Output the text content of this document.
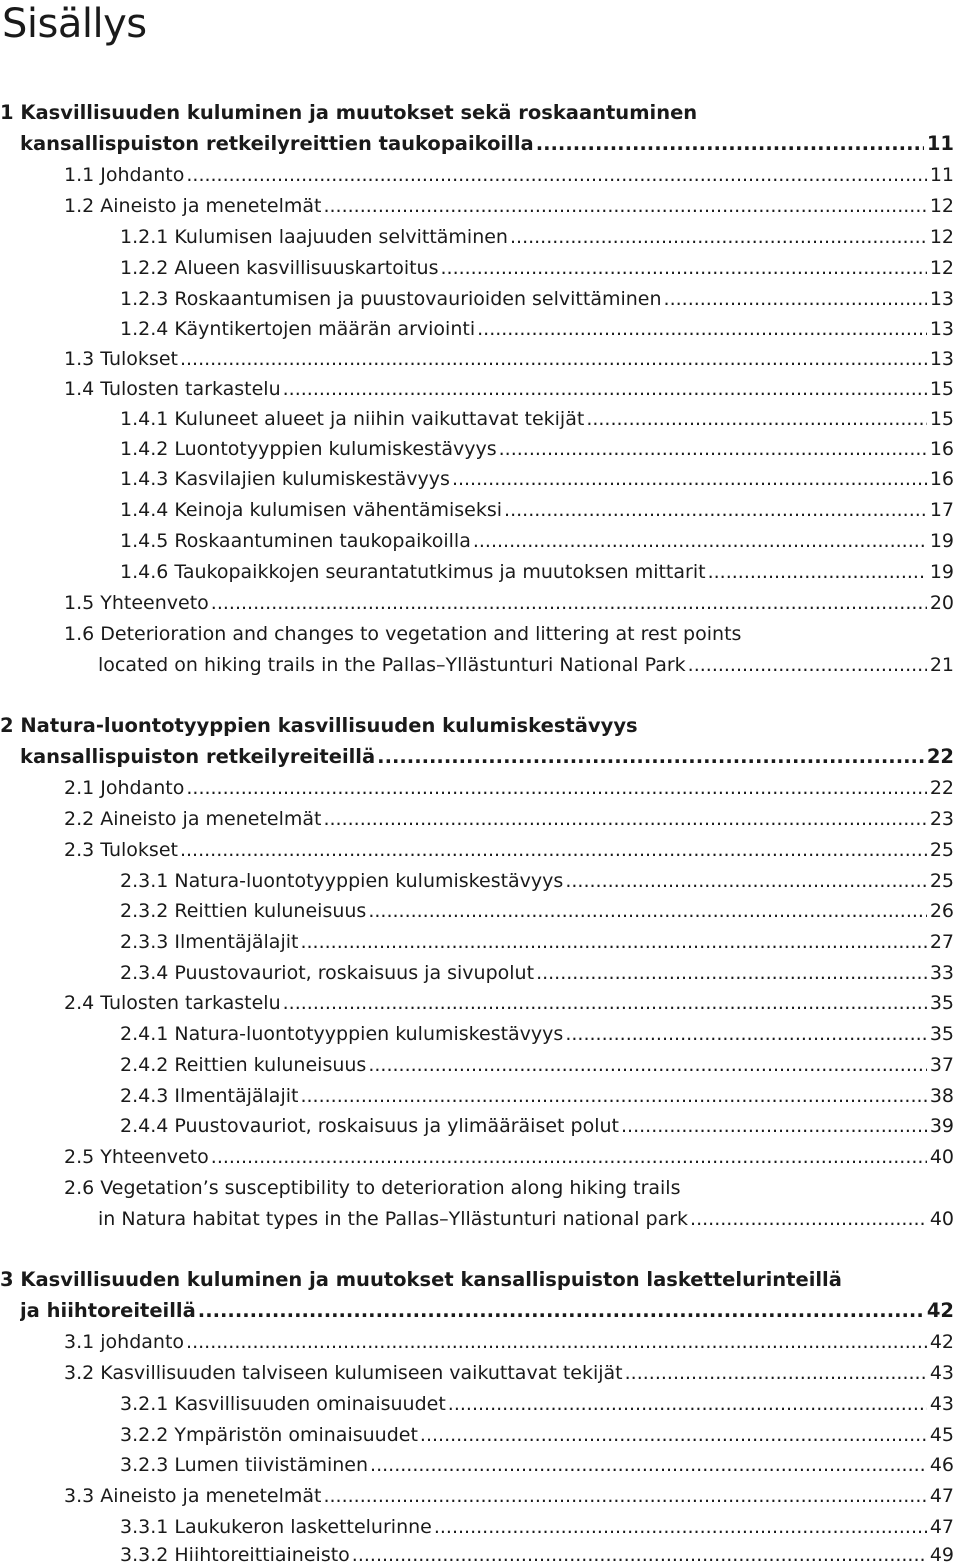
Sisällys
1 Kasvillisuuden kuluminen ja muutokset sekä roskaantuminen
kansallispuiston retkeilyreittien taukopaikoilla .....	11
1.1 Johdanto .....	11
1.2 Aineisto ja menetelmät .....	12
1.2.1 Kulumisen laajuuden selvittäminen .....	12
1.2.2 Alueen kasvillisuuskartoitus .....	12
1.2.3 Roskaantumisen ja puustovaurioiden selvittäminen .....	13
1.2.4 Käyntikertojen määrän arviointi .....	13
1.3 Tulokset .....	13
1.4 Tulosten tarkastelu .....	15
1.4.1 Kuluneet alueet ja niihin vaikuttavat tekijät .....	15
1.4.2 Luontotyyppien kulumiskestävyys .....	16
1.4.3 Kasvilajien kulumiskestävyys .....	16
1.4.4 Keinoja kulumisen vähentämiseksi .....	17
1.4.5 Roskaantuminen taukopaikoilla .....	19
1.4.6 Taukopaikkojen seurantatutkimus ja muutoksen mittarit .....	19
1.5 Yhteenveto .....	20
1.6 Deterioration and changes to vegetation and littering at rest points
located on hiking trails in the Pallas–Yllästunturi National Park .....	21
2 Natura-luontotyyppien kasvillisuuden kulumiskestävyys
kansallispuiston retkeilyreiteillä .....	22
2.1 Johdanto .....	22
2.2 Aineisto ja menetelmät .....	23
2.3 Tulokset .....	25
2.3.1 Natura-luontotyyppien kulumiskestävyys .....	25
2.3.2 Reittien kuluneisuus .....	26
2.3.3 Ilmentäjälajit .....	27
2.3.4 Puustovauriot, roskaisuus ja sivupolut .....	33
2.4 Tulosten tarkastelu .....	35
2.4.1 Natura-luontotyyppien kulumiskestävyys .....	35
2.4.2 Reittien kuluneisuus .....	37
2.4.3 Ilmentäjälajit .....	38
2.4.4 Puustovauriot, roskaisuus ja ylimääräiset polut .....	39
2.5 Yhteenveto .....	40
2.6 Vegetation’s susceptibility to deterioration along hiking trails
in Natura habitat types in the Pallas–Yllästunturi national park .....	40
3 Kasvillisuuden kuluminen ja muutokset kansallispuiston laskettelurinteillä
ja hiihtoreiteillä .....	42
3.1 johdanto .....	42
3.2 Kasvillisuuden talviseen kulumiseen vaikuttavat tekijät .....	43
3.2.1 Kasvillisuuden ominaisuudet .....	43
3.2.2 Ympäristön ominaisuudet .....	45
3.2.3 Lumen tiivistäminen .....	46
3.3 Aineisto ja menetelmät .....	47
3.3.1 Laukukeron laskettelurinne .....	47
3.3.2 Hiihtoreittiaineisto .....	49
